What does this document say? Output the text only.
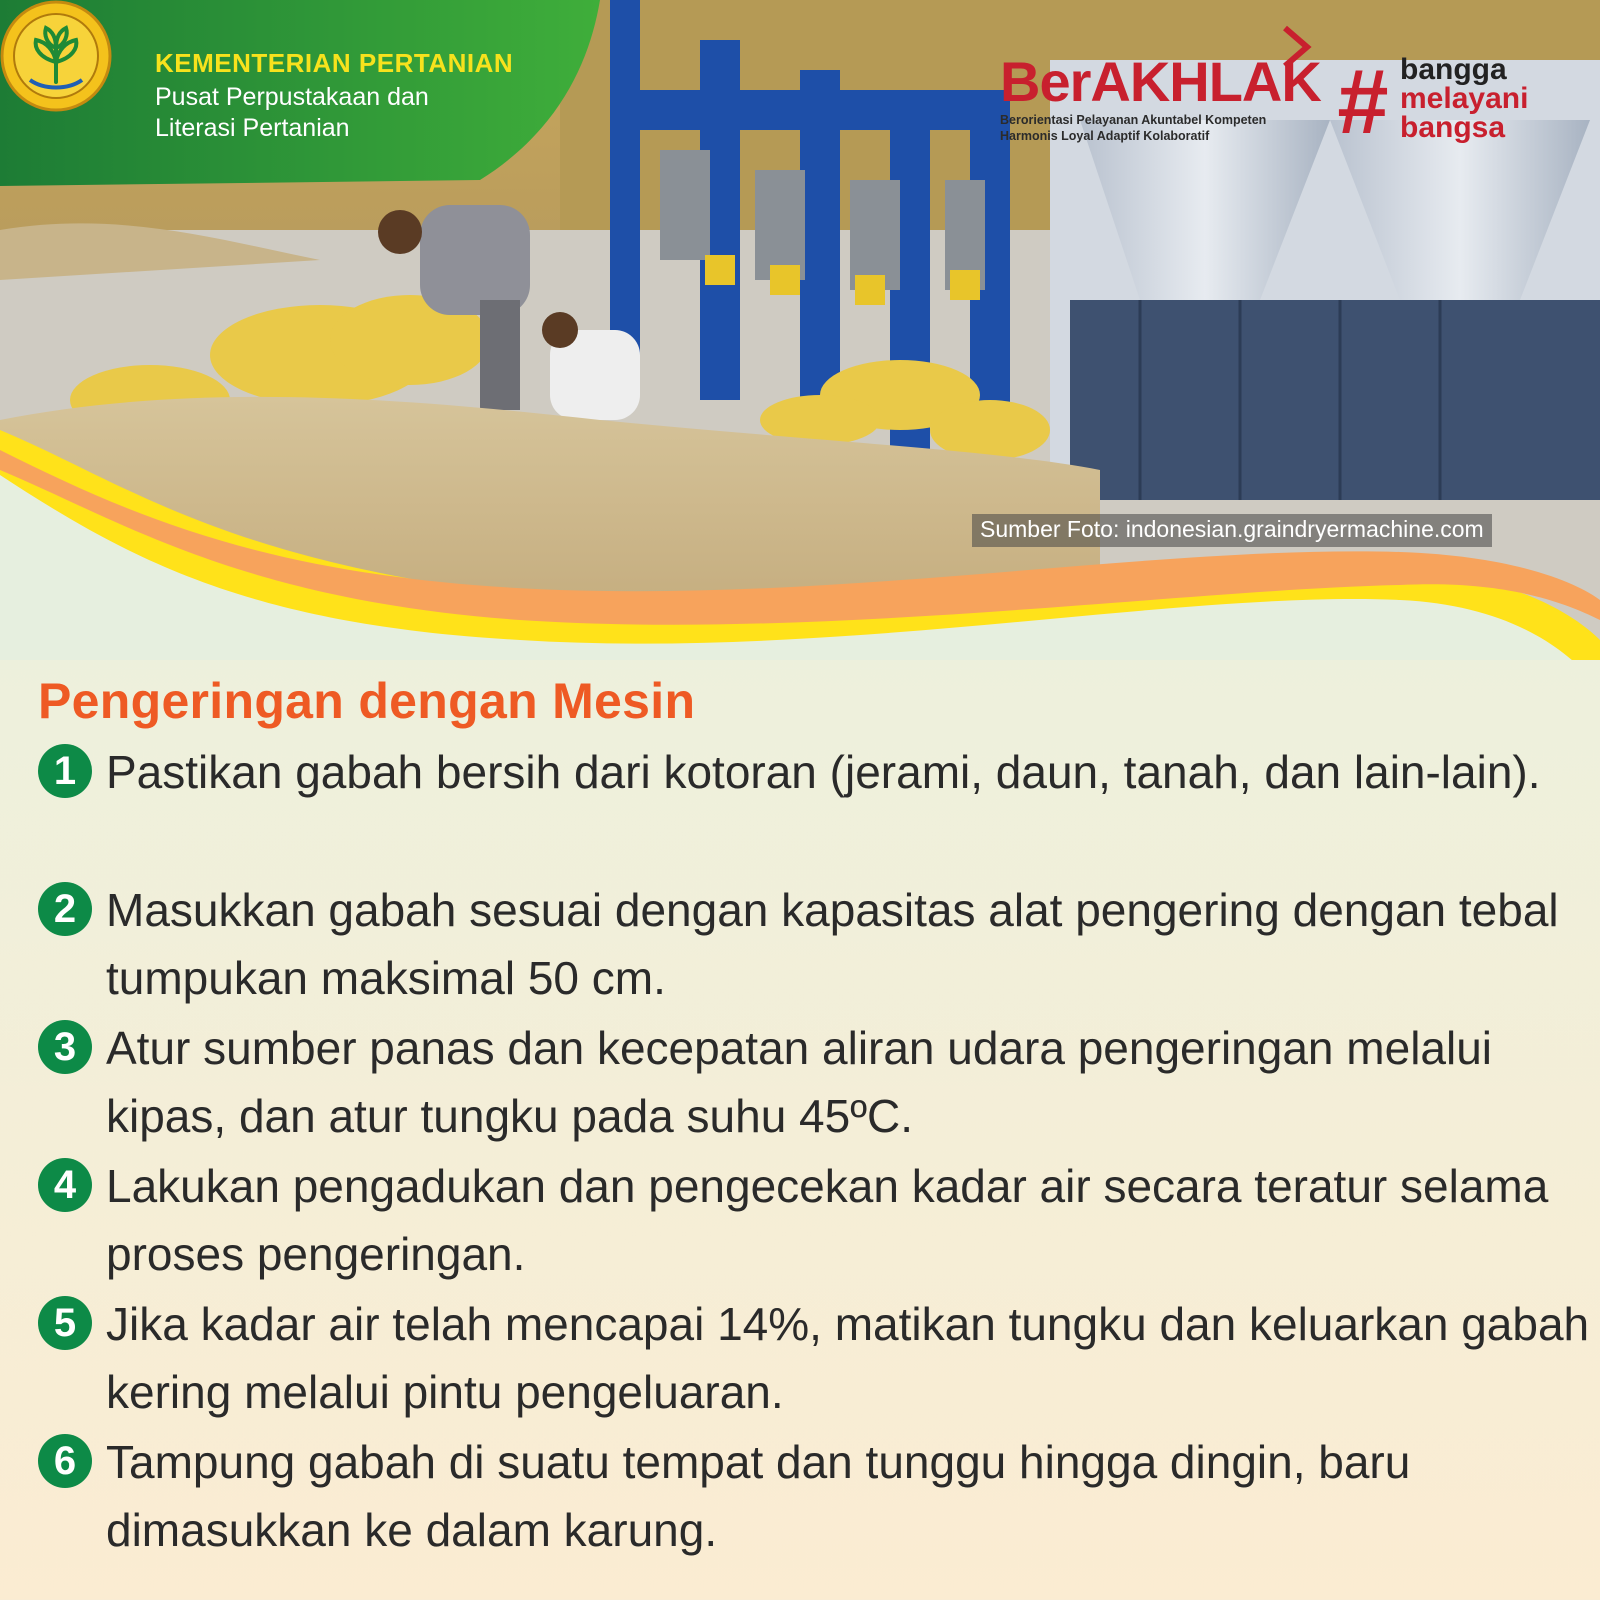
KEMENTERIAN PERTANIAN
Pusat Perpustakaan dan Literasi Pertanian
BerAKHLAK
Berorientasi Pelayanan Akuntabel Kompeten
Harmonis Loyal Adaptif Kolaboratif	# bangga
melayani
bangsa
Sumber Foto: indonesian.graindryermachine.com
Pengeringan dengan Mesin
1 Pastikan gabah bersih dari kotoran (jerami, daun, tanah, dan lain-lain).
2 Masukkan gabah sesuai dengan kapasitas alat pengering dengan tebal tumpukan maksimal 50 cm.
3 Atur sumber panas dan kecepatan aliran udara pengeringan melalui kipas, dan atur tungku pada suhu 45ºC.
4 Lakukan pengadukan dan pengecekan kadar air secara teratur selama proses pengeringan.
5 Jika kadar air telah mencapai 14%, matikan tungku dan keluarkan gabah kering melalui pintu pengeluaran.
6 Tampung gabah di suatu tempat dan tunggu hingga dingin, baru dimasukkan ke dalam karung.
